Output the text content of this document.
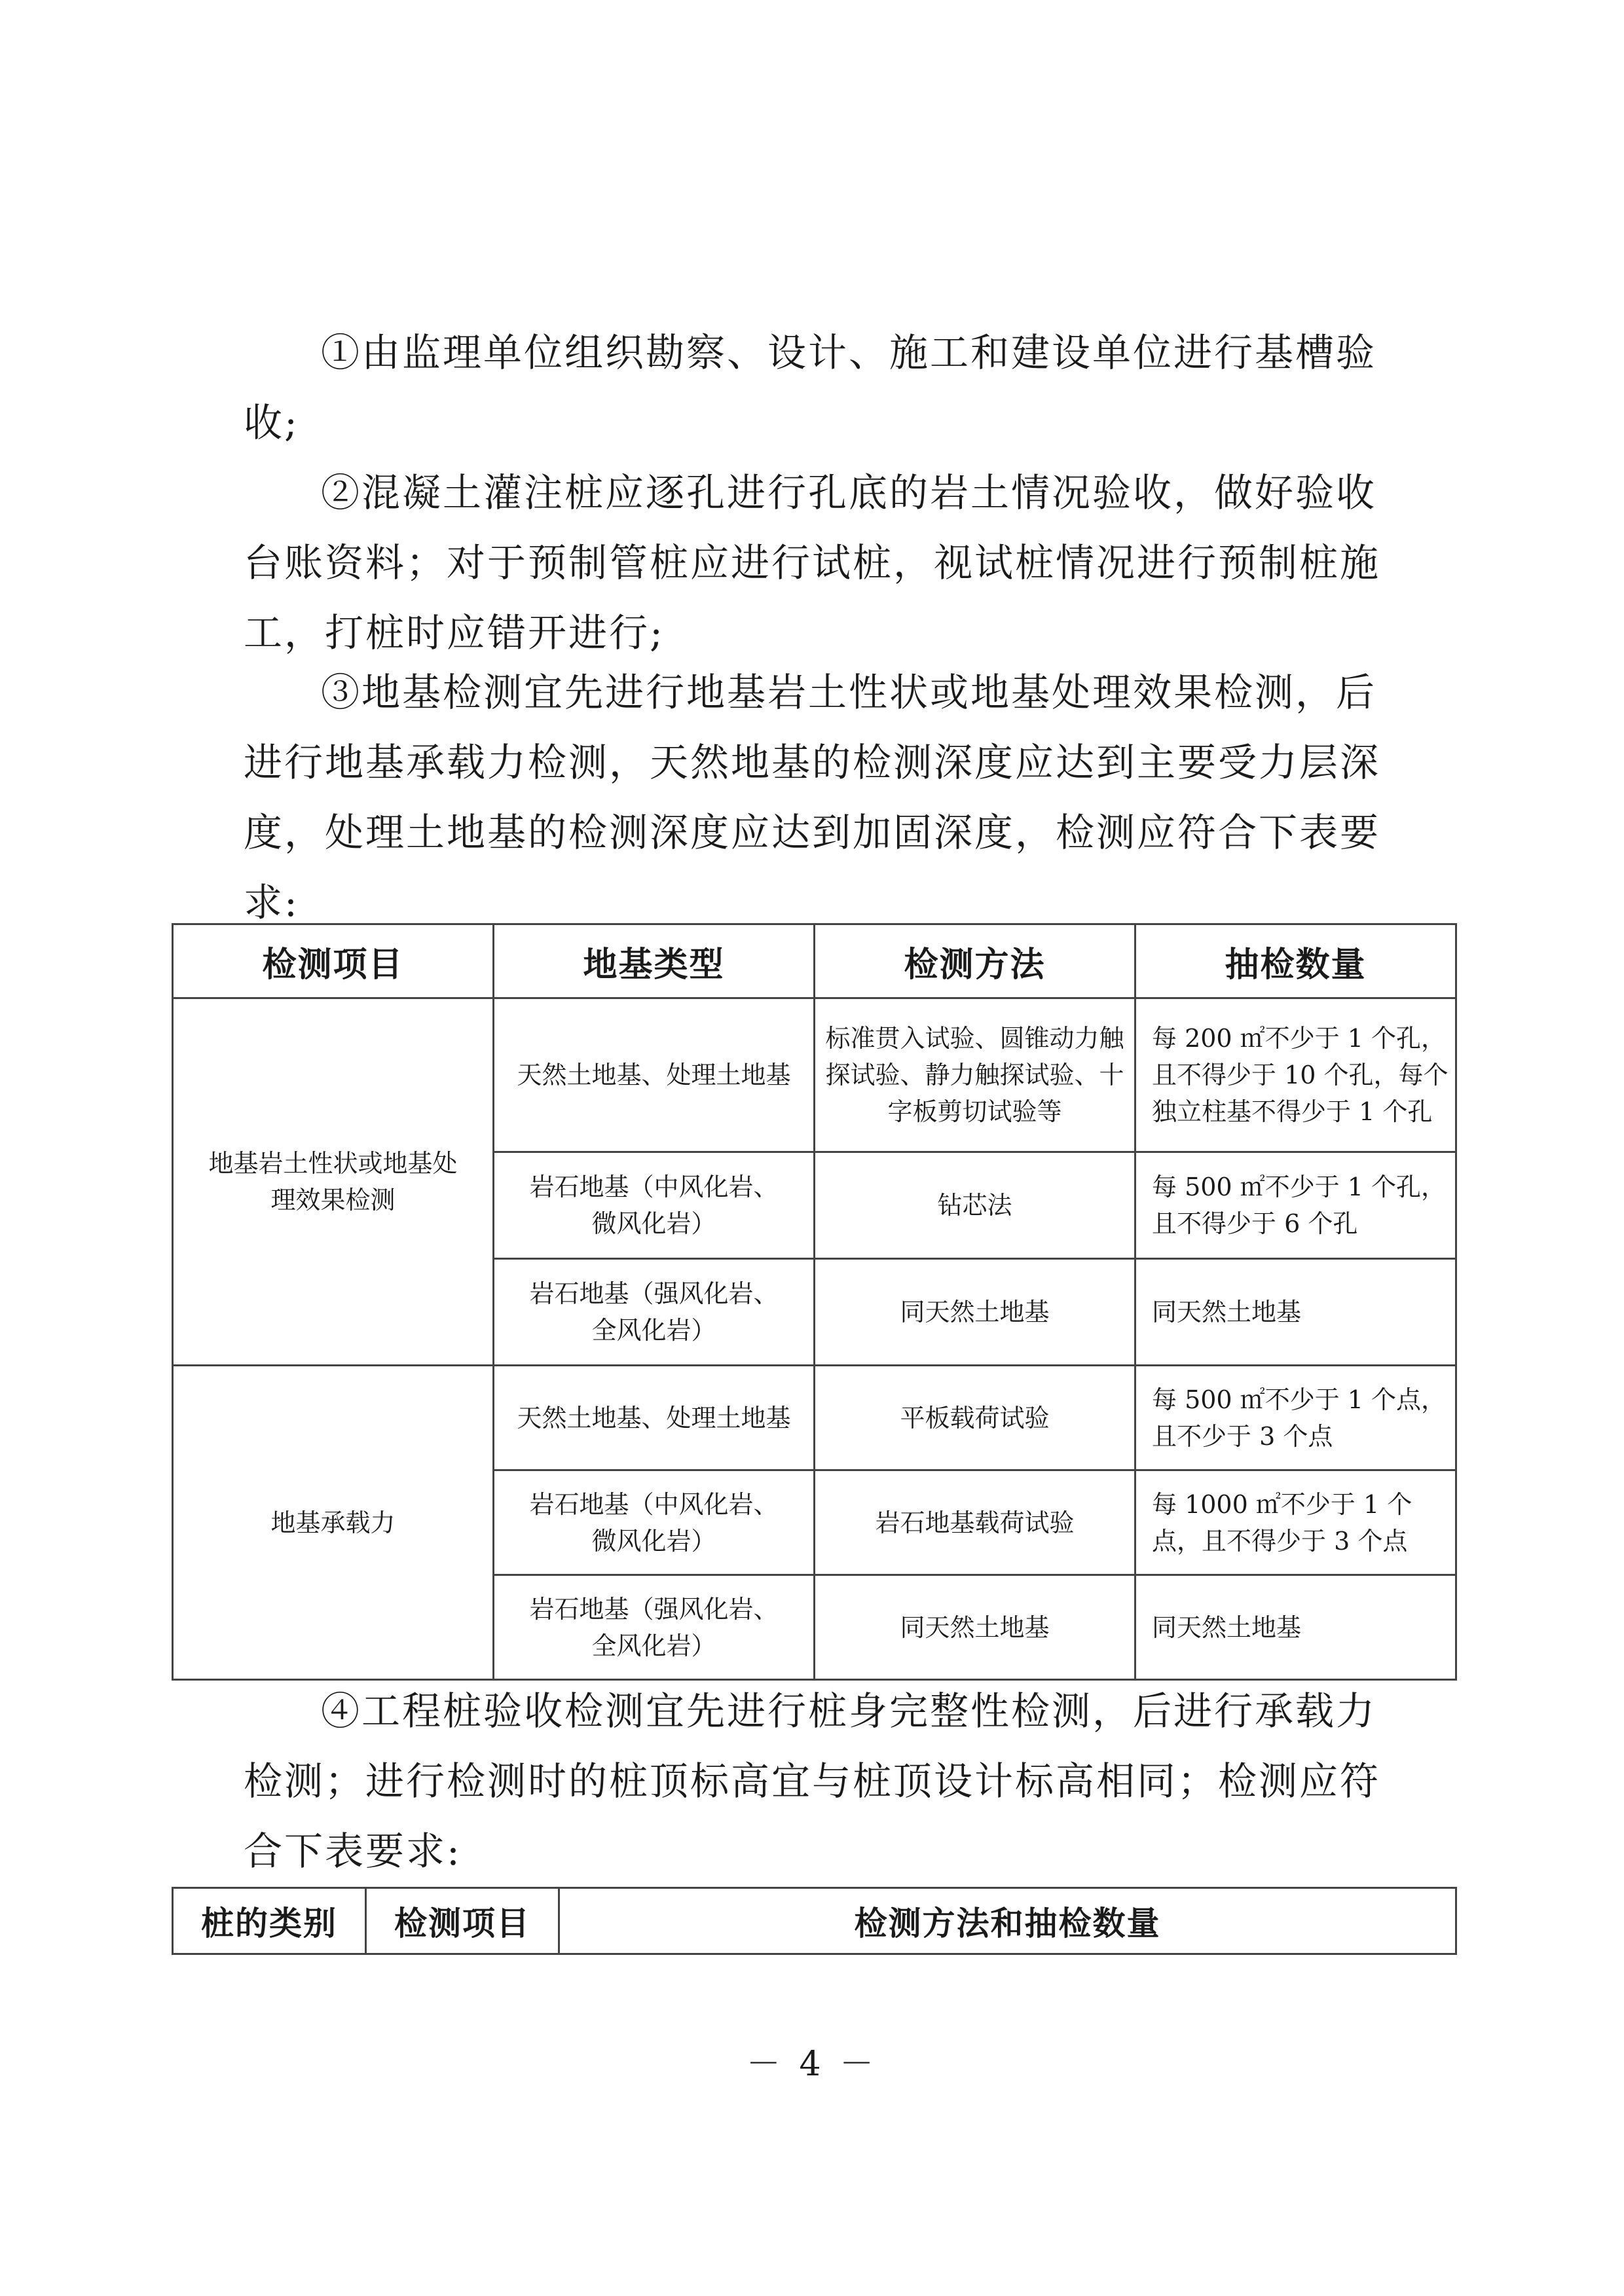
①由监理单位组织勘察、设计、施工和建设单位进行基槽验
收;

②混凝土灌注桩应逐孔进行孔底的岩土情况验收，做好验收
台账资料；对于预制管桩应进行试桩，视试桩情况进行预制桩施
工，打桩时应错开进行;

③地基检测宜先进行地基岩土性状或地基处理效果检测，后
进行地基承载力检测，天然地基的检测深度应达到主要受力层深
度，处理土地基的检测深度应达到加固深度，检测应符合下表要
求:

检测项目	地基类型	检测方法	抽检数量
地基岩土性状或地基处理效果检测	天然土地基、处理土地基	标准贯入试验、圆锥动力触探试验、静力触探试验、十字板剪切试验等	每 200 ㎡不少于 1 个孔，且不得少于 10 个孔，每个独立柱基不得少于 1 个孔
	岩石地基（中风化岩、微风化岩）	钻芯法	每 500 ㎡不少于 1 个孔，且不得少于 6 个孔
	岩石地基（强风化岩、全风化岩）	同天然土地基	同天然土地基
地基承载力	天然土地基、处理土地基	平板载荷试验	每 500 ㎡不少于 1 个点，且不少于 3 个点
	岩石地基（中风化岩、微风化岩）	岩石地基载荷试验	每 1000 ㎡不少于 1 个点，且不得少于 3 个点
	岩石地基（强风化岩、全风化岩）	同天然土地基	同天然土地基

④工程桩验收检测宜先进行桩身完整性检测，后进行承载力
检测；进行检测时的桩顶标高宜与桩顶设计标高相同；检测应符
合下表要求:

桩的类别	检测项目	检测方法和抽检数量
－ 4 －
